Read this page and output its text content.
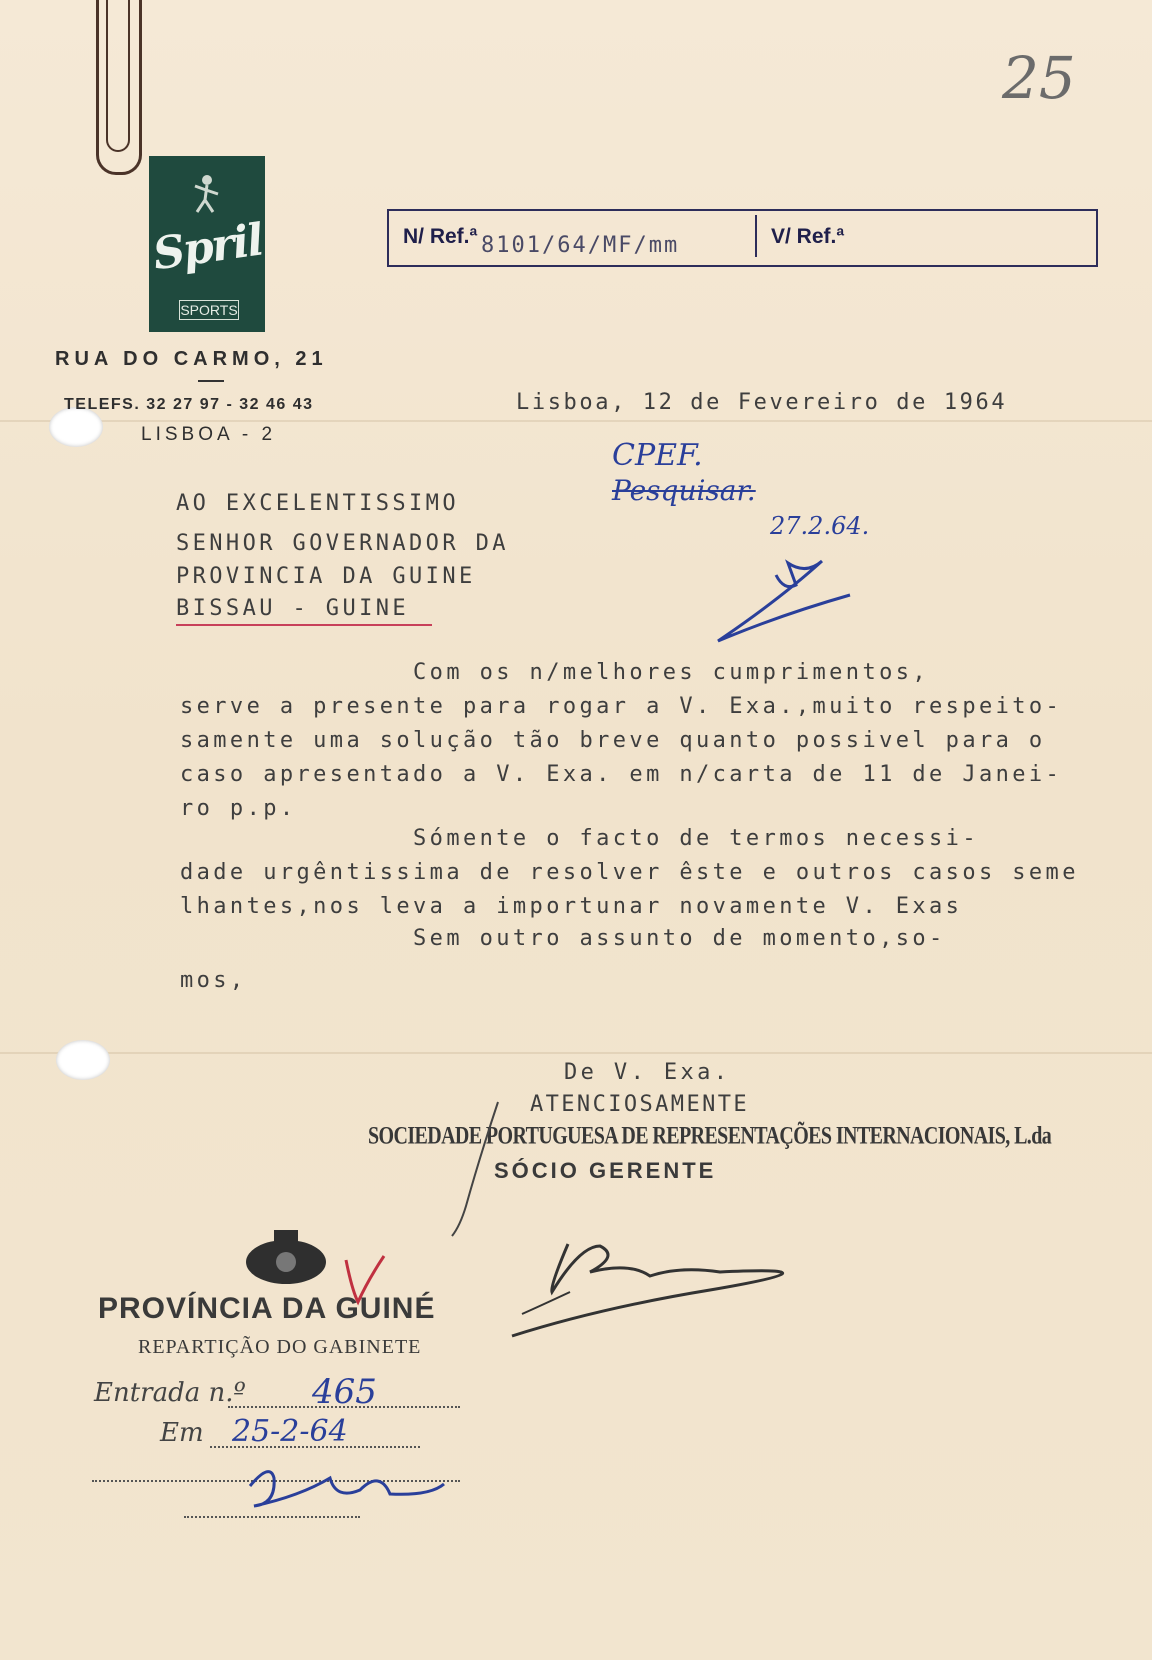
25
Spril
SPORTS
RUA DO CARMO, 21
TELEFS. 32 27 97 - 32 46 43
LISBOA - 2
N/ Ref.ª 8101/64/MF/mm	V/ Ref.ª
Lisboa, 12 de Fevereiro de 1964
CPEF.
Pesquisar.
27.2.64.
AO EXCELENTISSIMO
SENHOR GOVERNADOR DA
PROVINCIA DA GUINE
BISSAU - GUINE
Com os n/melhores cumprimentos,
serve a presente para rogar a V. Exa.,muito respeito-
samente uma solução tão breve quanto possivel para o
caso apresentado a V. Exa. em n/carta de 11 de Janei-
ro p.p.
Sómente o facto de termos necessi-
dade urgêntissima de resolver êste e outros casos seme
lhantes,nos leva a importunar novamente V. Exas
Sem outro assunto de momento,so-
mos,
De V. Exa.
ATENCIOSAMENTE
SOCIEDADE PORTUGUESA DE REPRESENTAÇÕES INTERNACIONAIS, L.da
SÓCIO GERENTE
PROVÍNCIA DA GUINÉ
REPARTIÇÃO DO GABINETE
Entrada n.º 465
Em 25-2-64
